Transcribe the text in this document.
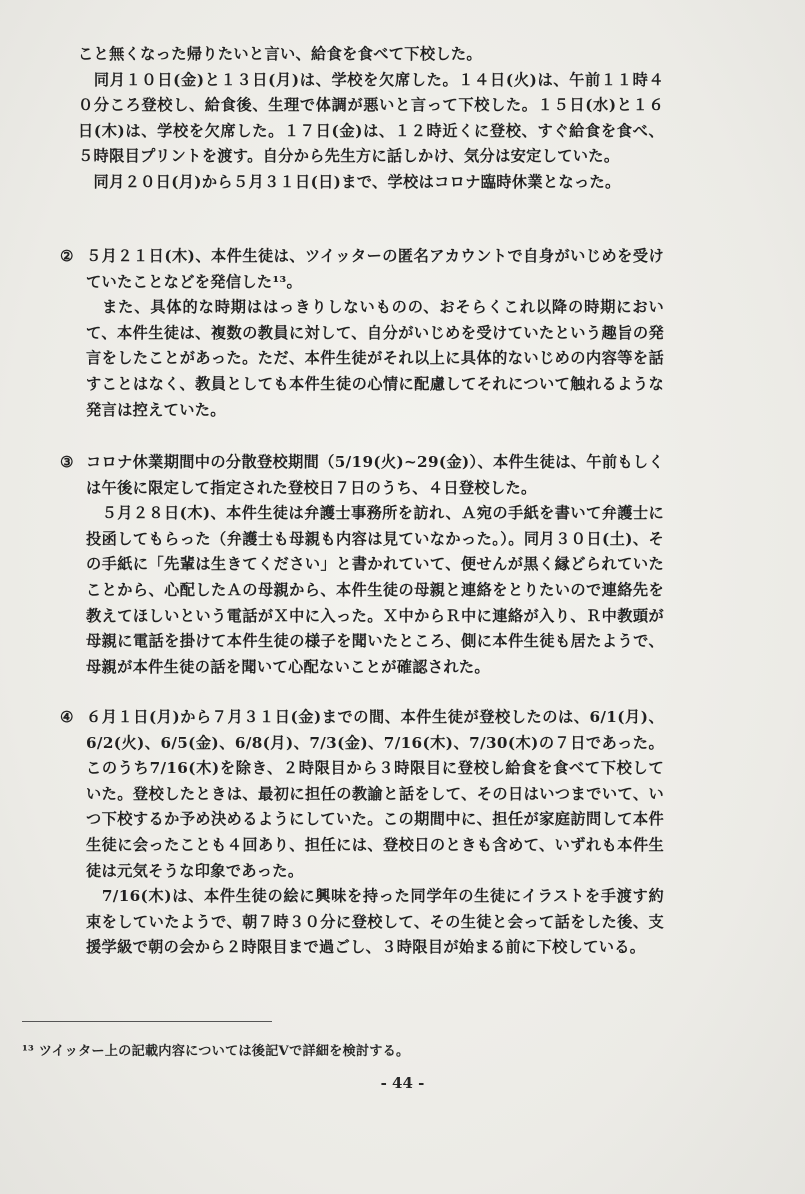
こと無くなった帰りたいと言い、給食を食べて下校した。

　同月１０日(金)と１３日(月)は、学校を欠席した。１４日(火)は、午前１１時４０分ころ登校し、給食後、生理で体調が悪いと言って下校した。１５日(水)と１６日(木)は、学校を欠席した。１７日(金)は、１２時近くに登校、すぐ給食を食べ、５時限目プリントを渡す。自分から先生方に話しかけ、気分は安定していた。

　同月２０日(月)から５月３１日(日)まで、学校はコロナ臨時休業となった。

② ５月２１日(木)、本件生徒は、ツイッターの匿名アカウントで自身がいじめを受けていたことなどを発信した¹³。

　また、具体的な時期ははっきりしないものの、おそらくこれ以降の時期において、本件生徒は、複数の教員に対して、自分がいじめを受けていたという趣旨の発言をしたことがあった。ただ、本件生徒がそれ以上に具体的ないじめの内容等を話すことはなく、教員としても本件生徒の心情に配慮してそれについて触れるような発言は控えていた。

③ コロナ休業期間中の分散登校期間（5/19(火)~29(金)）、本件生徒は、午前もしくは午後に限定して指定された登校日７日のうち、４日登校した。

　５月２８日(木)、本件生徒は弁護士事務所を訪れ、Ａ宛の手紙を書いて弁護士に投函してもらった（弁護士も母親も内容は見ていなかった。）。同月３０日(土)、その手紙に「先輩は生きてください」と書かれていて、便せんが黒く縁どられていたことから、心配したＡの母親から、本件生徒の母親と連絡をとりたいので連絡先を教えてほしいという電話がＸ中に入った。Ｘ中からＲ中に連絡が入り、Ｒ中教頭が母親に電話を掛けて本件生徒の様子を聞いたところ、側に本件生徒も居たようで、母親が本件生徒の話を聞いて心配ないことが確認された。

④ ６月１日(月)から７月３１日(金)までの間、本件生徒が登校したのは、6/1(月)、6/2(火)、6/5(金)、6/8(月)、7/3(金)、7/16(木)、7/30(木)の７日であった。このうち7/16(木)を除き、２時限目から３時限目に登校し給食を食べて下校していた。登校したときは、最初に担任の教諭と話をして、その日はいつまでいて、いつ下校するか予め決めるようにしていた。この期間中に、担任が家庭訪問して本件生徒に会ったことも４回あり、担任には、登校日のときも含めて、いずれも本件生徒は元気そうな印象であった。

　7/16(木)は、本件生徒の絵に興味を持った同学年の生徒にイラストを手渡す約束をしていたようで、朝７時３０分に登校して、その生徒と会って話をした後、支援学級で朝の会から２時限目まで過ごし、３時限目が始まる前に下校している。

¹³ ツイッター上の記載内容については後記Ⅴで詳細を検討する。
- 44 -
